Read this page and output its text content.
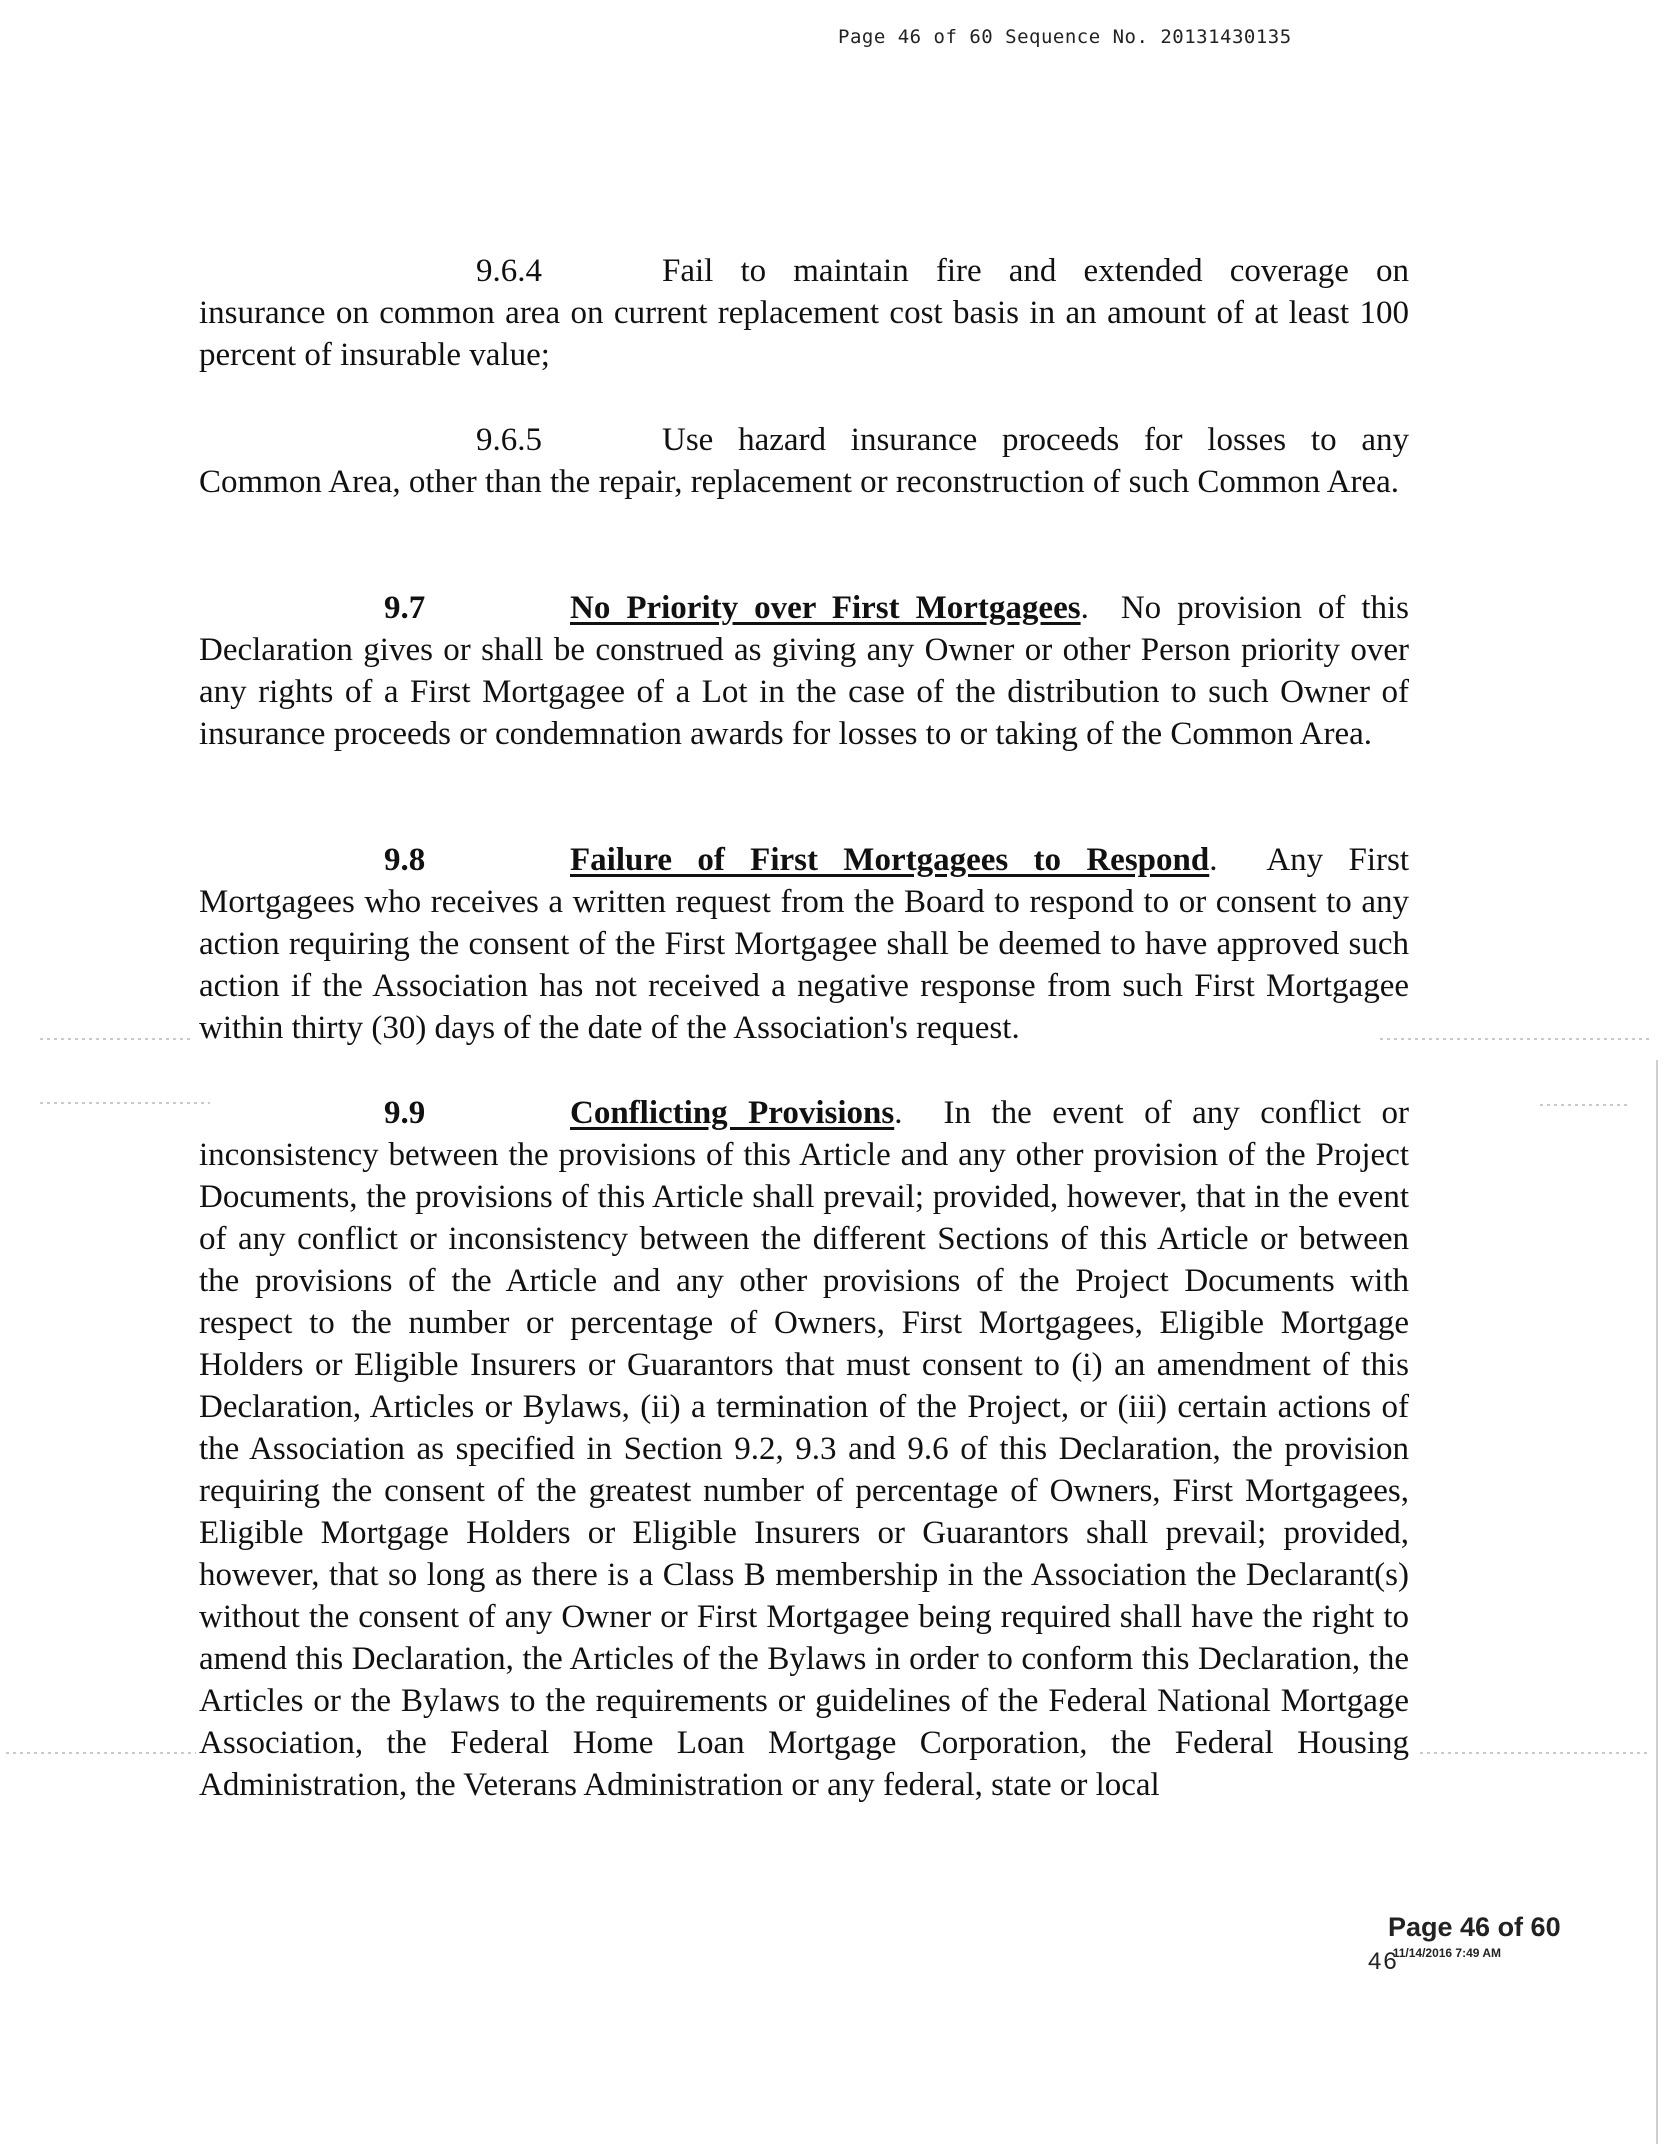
Page 46 of 60 Sequence No. 20131430135

9.6.4	Fail to maintain fire and extended coverage on insurance on common area on current replacement cost basis in an amount of at least 100 percent of insurable value;

9.6.5	Use hazard insurance proceeds for losses to any Common Area, other than the repair, replacement or reconstruction of such Common Area.

9.7	No Priority over First Mortgagees.  No provision of this Declaration gives or shall be construed as giving any Owner or other Person priority over any rights of a First Mortgagee of a Lot in the case of the distribution to such Owner of insurance proceeds or condemnation awards for losses to or taking of the Common Area.

9.8	Failure of First Mortgagees to Respond.  Any First Mortgagees who receives a written request from the Board to respond to or consent to any action requiring the consent of the First Mortgagee shall be deemed to have approved such action if the Association has not received a negative response from such First Mortgagee within thirty (30) days of the date of the Association's request.

9.9	Conflicting Provisions.  In the event of any conflict or inconsistency between the provisions of this Article and any other provision of the Project Documents, the provisions of this Article shall prevail; provided, however, that in the event of any conflict or inconsistency between the different Sections of this Article or between the provisions of the Article and any other provisions of the Project Documents with respect to the number or percentage of Owners, First Mortgagees, Eligible Mortgage Holders or Eligible Insurers or Guarantors that must consent to (i) an amendment of this Declaration, Articles or Bylaws, (ii) a termination of the Project, or (iii) certain actions of the Association as specified in Section 9.2, 9.3 and 9.6 of this Declaration, the provision requiring the consent of the greatest number of percentage of Owners, First Mortgagees, Eligible Mortgage Holders or Eligible Insurers or Guarantors shall prevail; provided, however, that so long as there is a Class B membership in the Association the Declarant(s) without the consent of any Owner or First Mortgagee being required shall have the right to amend this Declaration, the Articles of the Bylaws in order to conform this Declaration, the Articles or the Bylaws to the requirements or guidelines of the Federal National Mortgage Association, the Federal Home Loan Mortgage Corporation, the Federal Housing Administration, the Veterans Administration or any federal, state or local

Page 46 of 60
$46^{11/14/2016 7:49 AM}$
